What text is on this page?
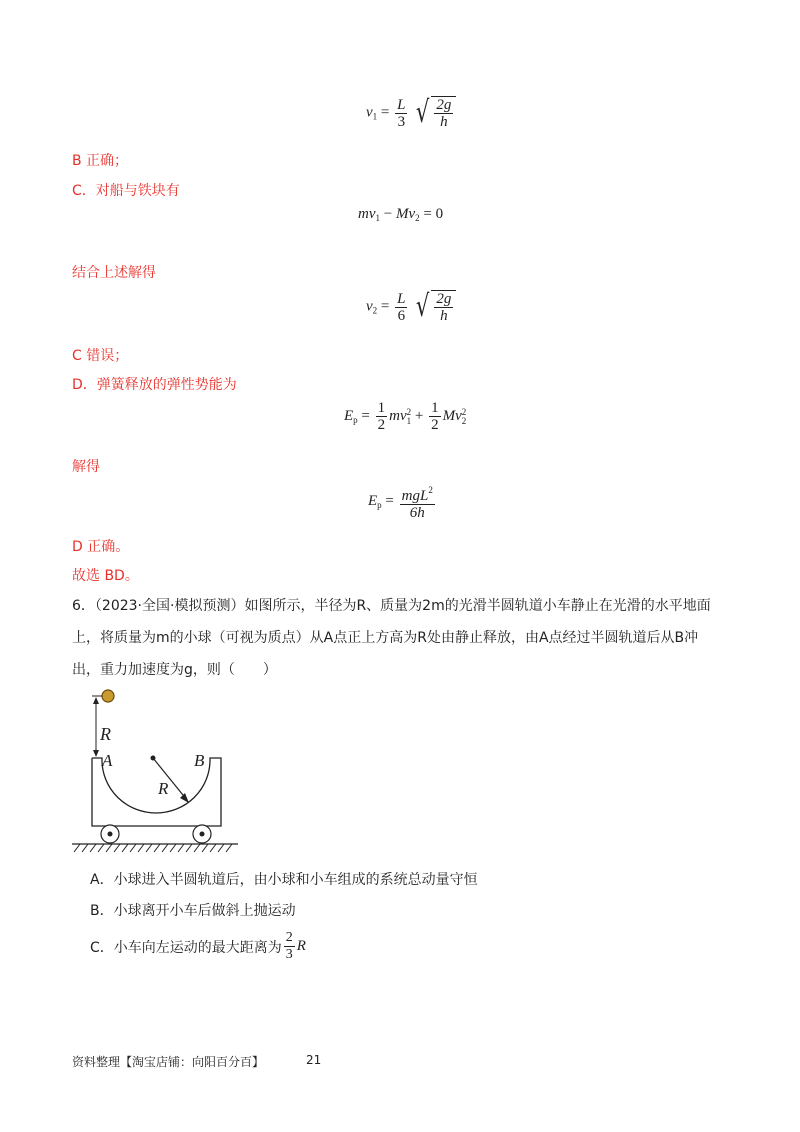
$v_1 = \frac{L}{3}$
√ $\frac{2g}{h}$
B 正确；
C．对船与铁块有
$mv_1 - Mv_2 = 0$
结合上述解得
$v_2 = \frac{L}{6}$
√ $\frac{2g}{h}$
C 错误；
D．弹簧释放的弹性势能为
$E_p = \frac{1}{2}$ mv 2
$1 + \frac{1}{2}$ Mv 2
2
解得
$E_p = \frac{mgL^2}{6h}$
D 正确。
故选 BD。
6．（2023·全国·模拟预测）如图所示，半径为R、质量为2m的光滑半圆轨道小车静止在光滑的水平地面
上，将质量为m的小球（可视为质点）从A点正上方高为R处由静止释放，由A点经过半圆轨道后从B冲
出，重力加速度为g，则（　　）
R
A	B
R
A．小球进入半圆轨道后，由小球和小车组成的系统总动量守恒
B．小球离开小车后做斜上抛运动
C．小车向左运动的最大距离为 $\frac{2}{3}$ R
资料整理【淘宝店铺：向阳百分百】	21
